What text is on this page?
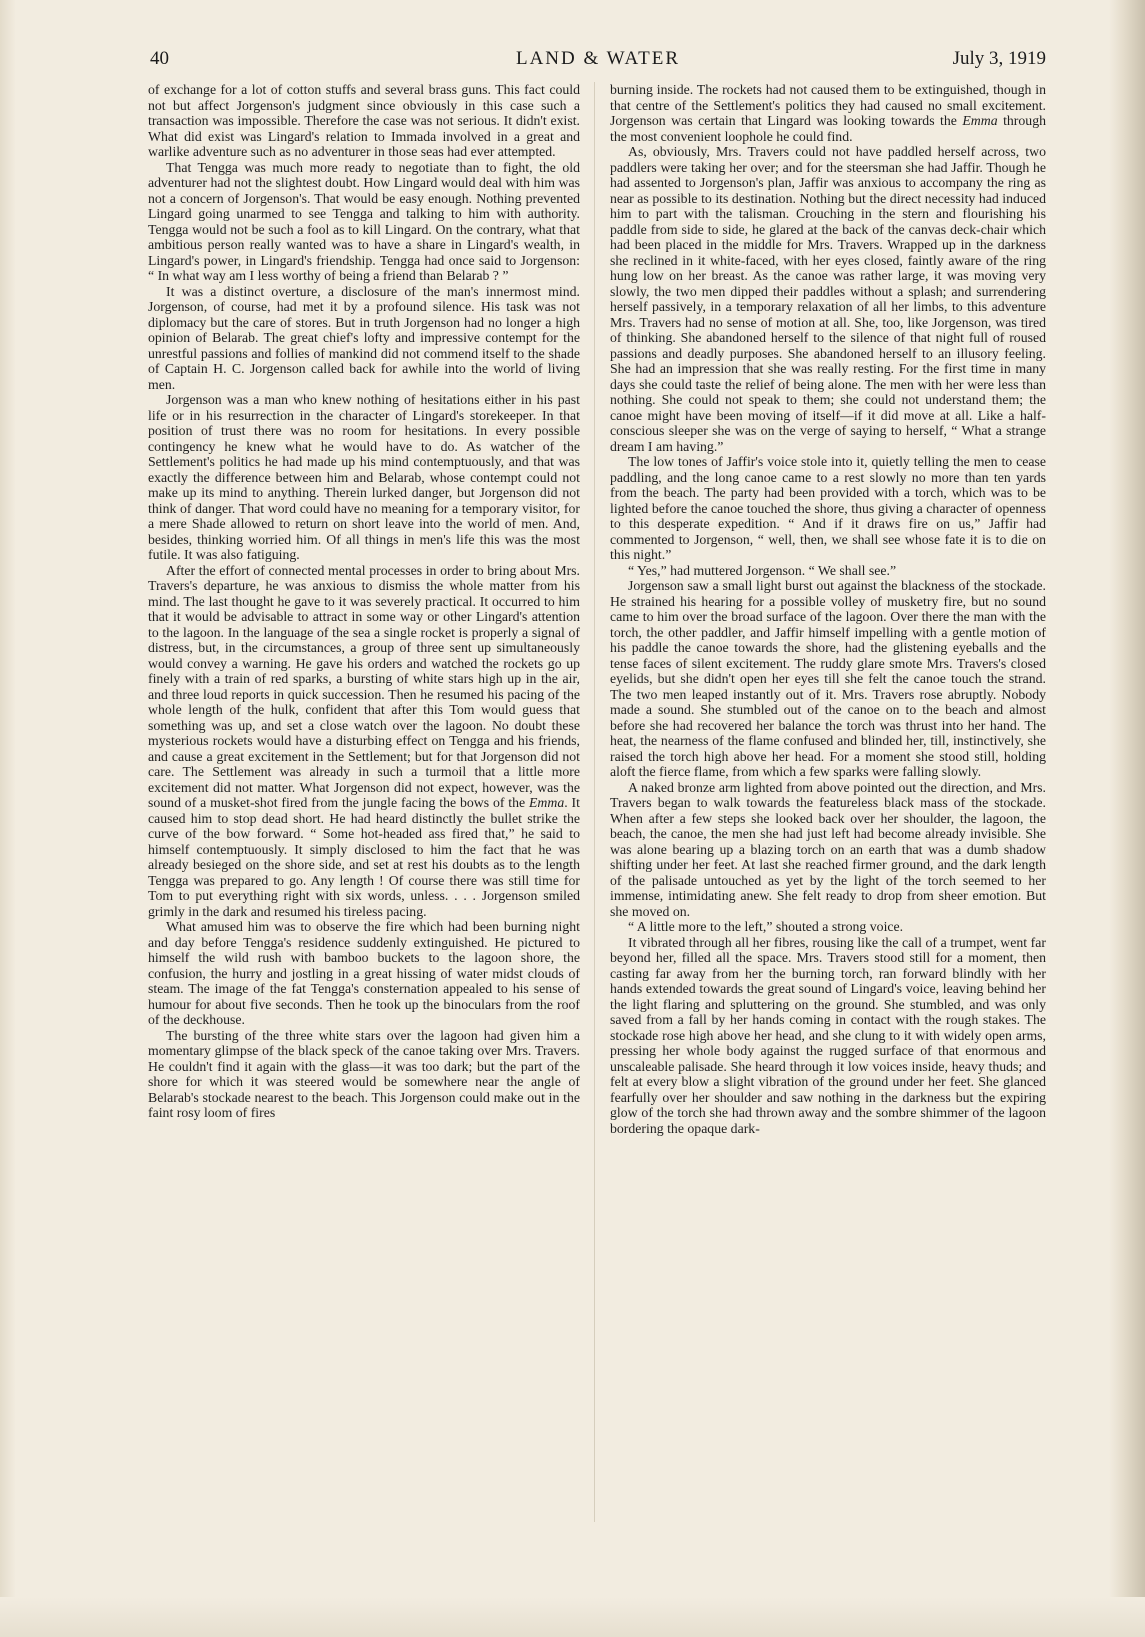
LAND & WATER
40	July 3, 1919

of exchange for a lot of cotton stuffs and several brass guns. This fact could not but affect Jorgenson's judgment since obviously in this case such a transaction was impossible. Therefore the case was not serious. It didn't exist. What did exist was Lingard's relation to Immada involved in a great and warlike adventure such as no adventurer in those seas had ever attempted.

That Tengga was much more ready to negotiate than to fight, the old adventurer had not the slightest doubt. How Lingard would deal with him was not a concern of Jorgenson's. That would be easy enough. Nothing prevented Lingard going unarmed to see Tengga and talking to him with authority. Tengga would not be such a fool as to kill Lingard. On the contrary, what that ambitious person really wanted was to have a share in Lingard's wealth, in Lingard's power, in Lingard's friendship. Tengga had once said to Jorgenson: “ In what way am I less worthy of being a friend than Belarab ? ”

It was a distinct overture, a disclosure of the man's innermost mind. Jorgenson, of course, had met it by a profound silence. His task was not diplomacy but the care of stores. But in truth Jorgenson had no longer a high opinion of Belarab. The great chief's lofty and impressive contempt for the unrestful passions and follies of mankind did not commend itself to the shade of Captain H. C. Jorgenson called back for awhile into the world of living men.

Jorgenson was a man who knew nothing of hesitations either in his past life or in his resurrection in the character of Lingard's storekeeper. In that position of trust there was no room for hesitations. In every possible contingency he knew what he would have to do. As watcher of the Settlement's politics he had made up his mind contemptuously, and that was exactly the difference between him and Belarab, whose contempt could not make up its mind to anything. Therein lurked danger, but Jorgenson did not think of danger. That word could have no meaning for a temporary visitor, for a mere Shade allowed to return on short leave into the world of men. And, besides, thinking worried him. Of all things in men's life this was the most futile. It was also fatiguing.

After the effort of connected mental processes in order to bring about Mrs. Travers's departure, he was anxious to dismiss the whole matter from his mind. The last thought he gave to it was severely practical. It occurred to him that it would be advisable to attract in some way or other Lingard's attention to the lagoon. In the language of the sea a single rocket is properly a signal of distress, but, in the circumstances, a group of three sent up simultaneously would convey a warning. He gave his orders and watched the rockets go up finely with a train of red sparks, a bursting of white stars high up in the air, and three loud reports in quick succession. Then he resumed his pacing of the whole length of the hulk, confident that after this Tom would guess that something was up, and set a close watch over the lagoon. No doubt these mysterious rockets would have a disturbing effect on Tengga and his friends, and cause a great excitement in the Settlement; but for that Jorgenson did not care. The Settlement was already in such a turmoil that a little more excitement did not matter. What Jorgenson did not expect, however, was the sound of a musket-shot fired from the jungle facing the bows of the Emma. It caused him to stop dead short. He had heard distinctly the bullet strike the curve of the bow forward. “ Some hot-headed ass fired that,” he said to himself contemptuously. It simply disclosed to him the fact that he was already besieged on the shore side, and set at rest his doubts as to the length Tengga was prepared to go. Any length ! Of course there was still time for Tom to put everything right with six words, unless. . . . Jorgenson smiled grimly in the dark and resumed his tireless pacing.

What amused him was to observe the fire which had been burning night and day before Tengga's residence suddenly extinguished. He pictured to himself the wild rush with bamboo buckets to the lagoon shore, the confusion, the hurry and jostling in a great hissing of water midst clouds of steam. The image of the fat Tengga's consternation appealed to his sense of humour for about five seconds. Then he took up the binoculars from the roof of the deckhouse.

The bursting of the three white stars over the lagoon had given him a momentary glimpse of the black speck of the canoe taking over Mrs. Travers. He couldn't find it again with the glass—it was too dark; but the part of the shore for which it was steered would be somewhere near the angle of Belarab's stockade nearest to the beach. This Jorgenson could make out in the faint rosy loom of fires

burning inside. The rockets had not caused them to be extinguished, though in that centre of the Settlement's politics they had caused no small excitement. Jorgenson was certain that Lingard was looking towards the Emma through the most convenient loophole he could find.

As, obviously, Mrs. Travers could not have paddled herself across, two paddlers were taking her over; and for the steersman she had Jaffir. Though he had assented to Jorgenson's plan, Jaffir was anxious to accompany the ring as near as possible to its destination. Nothing but the direct necessity had induced him to part with the talisman. Crouching in the stern and flourishing his paddle from side to side, he glared at the back of the canvas deck-chair which had been placed in the middle for Mrs. Travers. Wrapped up in the darkness she reclined in it white-faced, with her eyes closed, faintly aware of the ring hung low on her breast. As the canoe was rather large, it was moving very slowly, the two men dipped their paddles without a splash; and surrendering herself passively, in a temporary relaxation of all her limbs, to this adventure Mrs. Travers had no sense of motion at all. She, too, like Jorgenson, was tired of thinking. She abandoned herself to the silence of that night full of roused passions and deadly purposes. She abandoned herself to an illusory feeling. She had an impression that she was really resting. For the first time in many days she could taste the relief of being alone. The men with her were less than nothing. She could not speak to them; she could not understand them; the canoe might have been moving of itself—if it did move at all. Like a half-conscious sleeper she was on the verge of saying to herself, “ What a strange dream I am having.”

The low tones of Jaffir's voice stole into it, quietly telling the men to cease paddling, and the long canoe came to a rest slowly no more than ten yards from the beach. The party had been provided with a torch, which was to be lighted before the canoe touched the shore, thus giving a character of openness to this desperate expedition. “ And if it draws fire on us,” Jaffir had commented to Jorgenson, “ well, then, we shall see whose fate it is to die on this night.”

“ Yes,” had muttered Jorgenson. “ We shall see.”

Jorgenson saw a small light burst out against the blackness of the stockade. He strained his hearing for a possible volley of musketry fire, but no sound came to him over the broad surface of the lagoon. Over there the man with the torch, the other paddler, and Jaffir himself impelling with a gentle motion of his paddle the canoe towards the shore, had the glistening eyeballs and the tense faces of silent excitement. The ruddy glare smote Mrs. Travers's closed eyelids, but she didn't open her eyes till she felt the canoe touch the strand. The two men leaped instantly out of it. Mrs. Travers rose abruptly. Nobody made a sound. She stumbled out of the canoe on to the beach and almost before she had recovered her balance the torch was thrust into her hand. The heat, the nearness of the flame confused and blinded her, till, instinctively, she raised the torch high above her head. For a moment she stood still, holding aloft the fierce flame, from which a few sparks were falling slowly.

A naked bronze arm lighted from above pointed out the direction, and Mrs. Travers began to walk towards the featureless black mass of the stockade. When after a few steps she looked back over her shoulder, the lagoon, the beach, the canoe, the men she had just left had become already invisible. She was alone bearing up a blazing torch on an earth that was a dumb shadow shifting under her feet. At last she reached firmer ground, and the dark length of the palisade untouched as yet by the light of the torch seemed to her immense, intimidating anew. She felt ready to drop from sheer emotion. But she moved on.

“ A little more to the left,” shouted a strong voice.

It vibrated through all her fibres, rousing like the call of a trumpet, went far beyond her, filled all the space. Mrs. Travers stood still for a moment, then casting far away from her the burning torch, ran forward blindly with her hands extended towards the great sound of Lingard's voice, leaving behind her the light flaring and spluttering on the ground. She stumbled, and was only saved from a fall by her hands coming in contact with the rough stakes. The stockade rose high above her head, and she clung to it with widely open arms, pressing her whole body against the rugged surface of that enormous and unscaleable palisade. She heard through it low voices inside, heavy thuds; and felt at every blow a slight vibration of the ground under her feet. She glanced fearfully over her shoulder and saw nothing in the darkness but the expiring glow of the torch she had thrown away and the sombre shimmer of the lagoon bordering the opaque dark-
